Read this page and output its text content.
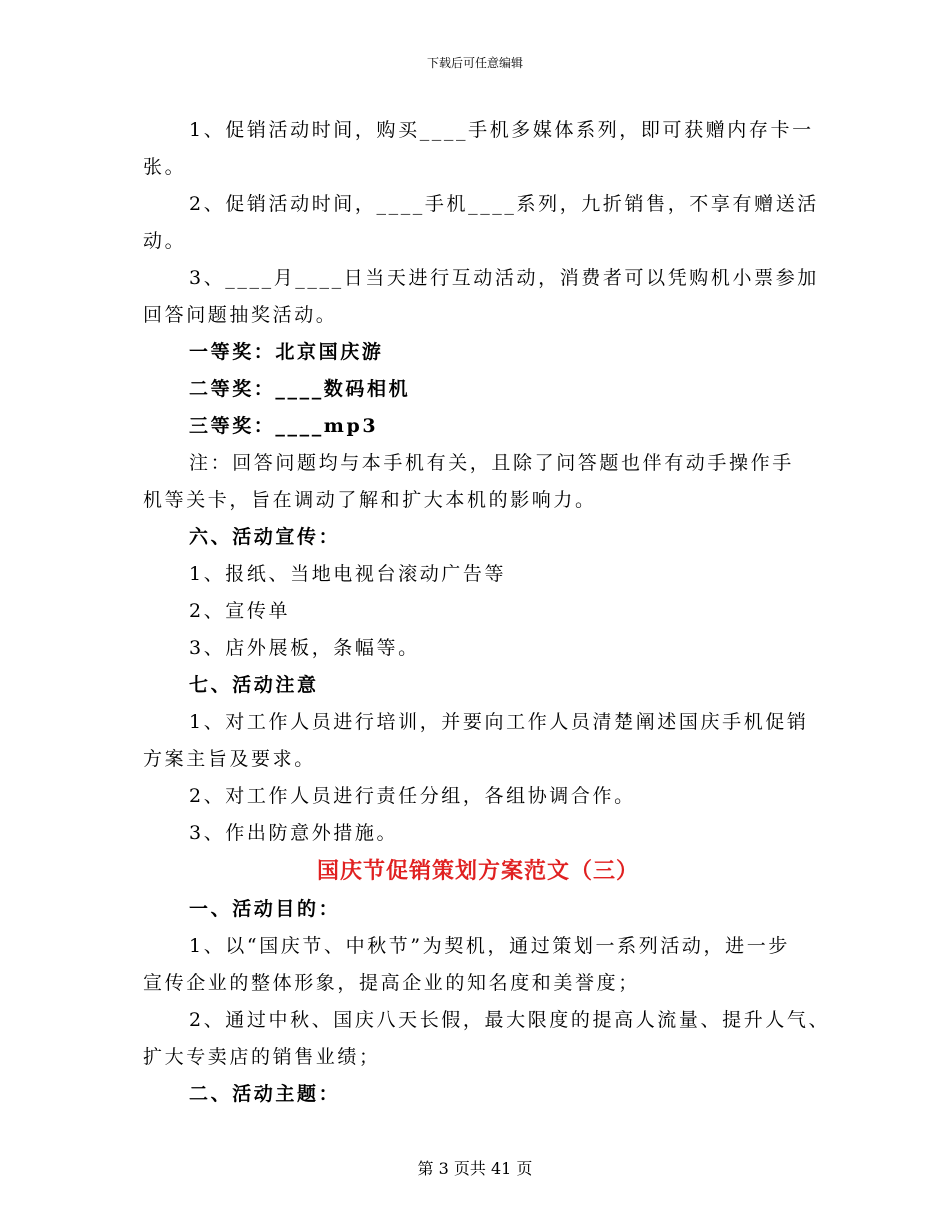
下载后可任意编辑
1、促销活动时间，购买____手机多媒体系列，即可获赠内存卡一
张。
2、促销活动时间，____手机____系列，九折销售，不享有赠送活
动。
3、____月____日当天进行互动活动，消费者可以凭购机小票参加
回答问题抽奖活动。
一等奖：北京国庆游
二等奖：____数码相机
三等奖：____mp3
注：回答问题均与本手机有关，且除了问答题也伴有动手操作手
机等关卡，旨在调动了解和扩大本机的影响力。
六、活动宣传：
1、报纸、当地电视台滚动广告等
2、宣传单
3、店外展板，条幅等。
七、活动注意
1、对工作人员进行培训，并要向工作人员清楚阐述国庆手机促销
方案主旨及要求。
2、对工作人员进行责任分组，各组协调合作。
3、作出防意外措施。
国庆节促销策划方案范文（三）
一、活动目的：
1、以“国庆节、中秋节”为契机，通过策划一系列活动，进一步
宣传企业的整体形象，提高企业的知名度和美誉度；
2、通过中秋、国庆八天长假，最大限度的提高人流量、提升人气、
扩大专卖店的销售业绩；
二、活动主题：
第 3 页共 41 页
